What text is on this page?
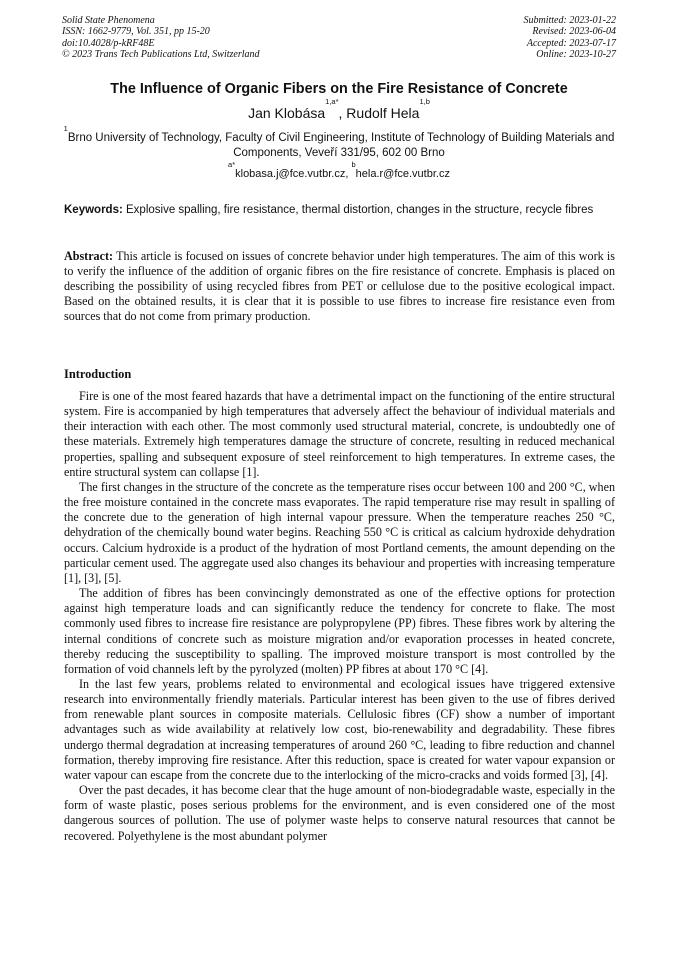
Solid State Phenomena
ISSN: 1662-9779, Vol. 351, pp 15-20
doi:10.4028/p-kRF48E
© 2023 Trans Tech Publications Ltd, Switzerland
Submitted: 2023-01-22
Revised: 2023-06-04
Accepted: 2023-07-17
Online: 2023-10-27
The Influence of Organic Fibers on the Fire Resistance of Concrete
Jan Klobása$^{1,a*}$, Rudolf Hela$^{1,b}$
$^1$Brno University of Technology, Faculty of Civil Engineering, Institute of Technology of Building Materials and Components, Veveří 331/95, 602 00 Brno
$^{a*}$klobasa.j@fce.vutbr.cz, $^b$hela.r@fce.vutbr.cz
Keywords: Explosive spalling, fire resistance, thermal distortion, changes in the structure, recycle fibres
Abstract: This article is focused on issues of concrete behavior under high temperatures. The aim of this work is to verify the influence of the addition of organic fibres on the fire resistance of concrete. Emphasis is placed on describing the possibility of using recycled fibres from PET or cellulose due to the positive ecological impact. Based on the obtained results, it is clear that it is possible to use fibres to increase fire resistance even from sources that do not come from primary production.
Introduction

Fire is one of the most feared hazards that have a detrimental impact on the functioning of the entire structural system. Fire is accompanied by high temperatures that adversely affect the behaviour of individual materials and their interaction with each other. The most commonly used structural material, concrete, is undoubtedly one of these materials. Extremely high temperatures damage the structure of concrete, resulting in reduced mechanical properties, spalling and subsequent exposure of steel reinforcement to high temperatures. In extreme cases, the entire structural system can collapse [1].

The first changes in the structure of the concrete as the temperature rises occur between 100 and 200 °C, when the free moisture contained in the concrete mass evaporates. The rapid temperature rise may result in spalling of the concrete due to the generation of high internal vapour pressure. When the temperature reaches 250 °C, dehydration of the chemically bound water begins. Reaching 550 °C is critical as calcium hydroxide dehydration occurs. Calcium hydroxide is a product of the hydration of most Portland cements, the amount depending on the particular cement used. The aggregate used also changes its behaviour and properties with increasing temperature [1], [3], [5].

The addition of fibres has been convincingly demonstrated as one of the effective options for protection against high temperature loads and can significantly reduce the tendency for concrete to flake. The most commonly used fibres to increase fire resistance are polypropylene (PP) fibres. These fibres work by altering the internal conditions of concrete such as moisture migration and/or evaporation processes in heated concrete, thereby reducing the susceptibility to spalling. The improved moisture transport is most controlled by the formation of void channels left by the pyrolyzed (molten) PP fibres at about 170 °C [4].

In the last few years, problems related to environmental and ecological issues have triggered extensive research into environmentally friendly materials. Particular interest has been given to the use of fibres derived from renewable plant sources in composite materials. Cellulosic fibres (CF) show a number of important advantages such as wide availability at relatively low cost, bio-renewability and degradability. These fibres undergo thermal degradation at increasing temperatures of around 260 °C, leading to fibre reduction and channel formation, thereby improving fire resistance. After this reduction, space is created for water vapour expansion or water vapour can escape from the concrete due to the interlocking of the micro-cracks and voids formed [3], [4].

Over the past decades, it has become clear that the huge amount of non-biodegradable waste, especially in the form of waste plastic, poses serious problems for the environment, and is even considered one of the most dangerous sources of pollution. The use of polymer waste helps to conserve natural resources that cannot be recovered. Polyethylene is the most abundant polymer
